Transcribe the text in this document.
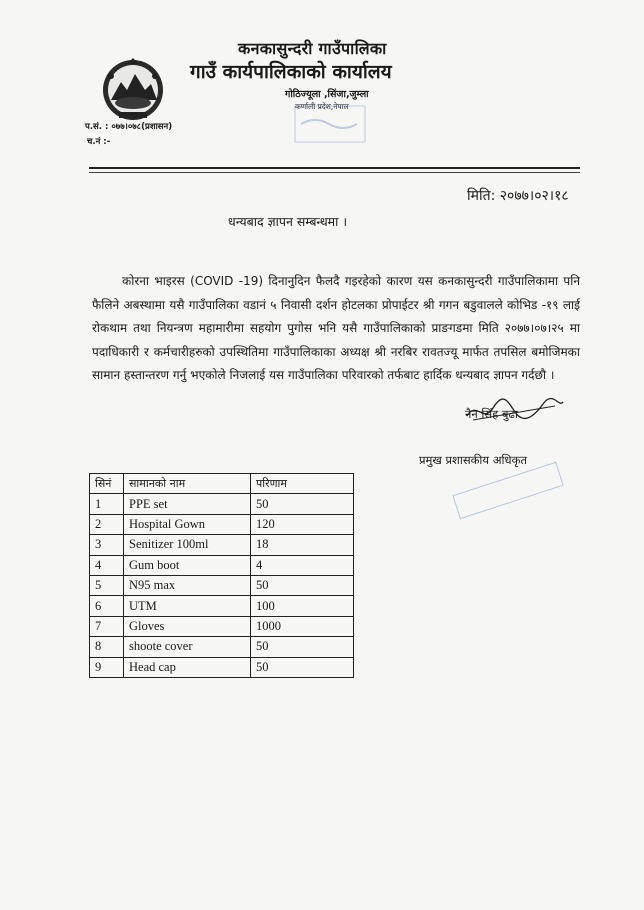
कनकासुन्दरी गाउँपालिका
गाउँ कार्यपालिकाको कार्यालय
गोठिज्यूला ,सिंजा,जुम्ला
कर्णाली प्रदेश,नेपाल
प.सं. : ०७७।०७८(प्रशासन)
च.नं :-
मिति: २०७७।०२।१८
धन्यबाद ज्ञापन सम्बन्धमा ।

कोरना भाइरस (COVID -19) दिनानुदिन फैलदै गइरहेको कारण यस कनकासुन्दरी गाउँपालिकामा पनि फैलिने अबस्थामा यसै गाउँपालिका वडानं ५ निवासी दर्शन होटलका प्रोपाईटर श्री गगन बडुवालले कोभिड -१९ लाई रोकथाम तथा नियन्त्रण महामारीमा सहयोग पुगोस भनि यसै गाउँपालिकाको प्राङगडमा मिति २०७७।०७।२५ मा पदाधिकारी र कर्मचारीहरुको उपस्थितिमा गाउँपालिकाका अध्यक्ष श्री नरबिर रावतज्यू मार्फत तपसिल बमोजिमका सामान हस्तान्तरण गर्नु भएकोले निजलाई यस गाउँपालिका परिवारको तर्फबाट हार्दिक धन्यबाद ज्ञापन गर्दछौ ।

नैन सिंह बुढा
प्रमुख प्रशासकीय अधिकृत
सिनं	सामानको नाम	परिणाम
1	PPE set	50
2	Hospital Gown	120
3	Senitizer 100ml	18
4	Gum boot	4
5	N95 max	50
6	UTM	100
7	Gloves	1000
8	shoote cover	50
9	Head cap	50
